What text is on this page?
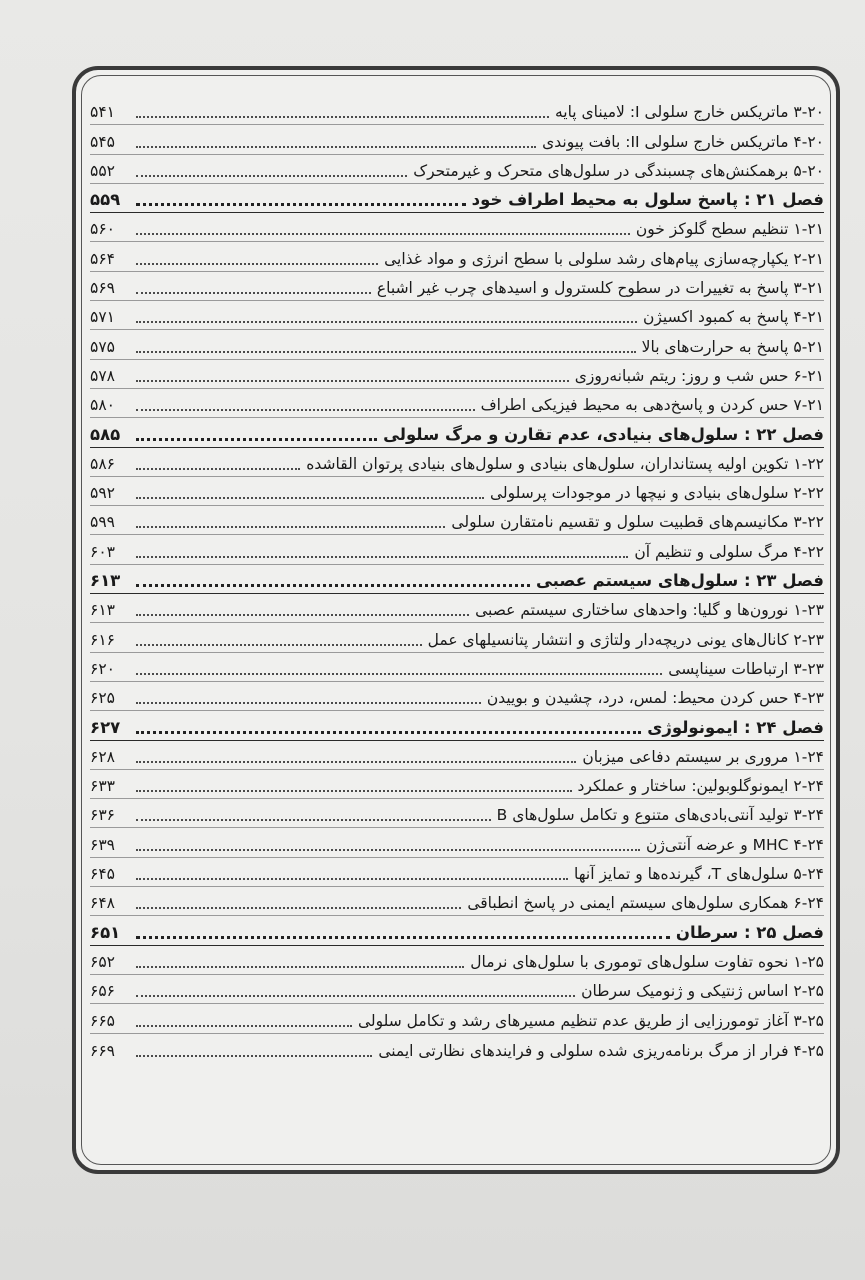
۳-۲۰ ماتریکس خارج سلولی I: لامینای پایه
۵۴۱
۴-۲۰ ماتریکس خارج سلولی II: بافت پیوندی
۵۴۵
۵-۲۰ برهمکنش‌های چسبندگی در سلول‌های متحرک و غیرمتحرک
۵۵۲
فصل ۲۱ : پاسخ سلول به محیط اطراف خود
۵۵۹
۱-۲۱ تنظیم سطح گلوکز خون
۵۶۰
۲-۲۱ یکپارچه‌سازی پیام‌های رشد سلولی با سطح انرژی و مواد غذایی
۵۶۴
۳-۲۱ پاسخ به تغییرات در سطوح کلسترول و اسیدهای چرب غیر اشباع
۵۶۹
۴-۲۱ پاسخ به کمبود اکسیژن
۵۷۱
۵-۲۱ پاسخ به حرارت‌های بالا
۵۷۵
۶-۲۱ حس شب و روز: ریتم شبانه‌روزی
۵۷۸
۷-۲۱ حس کردن و پاسخ‌دهی به محیط فیزیکی اطراف
۵۸۰
فصل ۲۲ : سلول‌های بنیادی، عدم تقارن و مرگ سلولی
۵۸۵
۱-۲۲ تکوین اولیه پستانداران، سلول‌های بنیادی و سلول‌های بنیادی پرتوان القاشده
۵۸۶
۲-۲۲ سلول‌های بنیادی و نیچها در موجودات پرسلولی
۵۹۲
۳-۲۲ مکانیسم‌های قطبیت سلول و تقسیم نامتقارن سلولی
۵۹۹
۴-۲۲ مرگ سلولی و تنظیم آن
۶۰۳
فصل ۲۳ : سلول‌های سیستم عصبی
۶۱۳
۱-۲۳ نورون‌ها و گلیا: واحدهای ساختاری سیستم عصبی
۶۱۳
۲-۲۳ کانال‌های یونی دریچه‌دار ولتاژی و انتشار پتانسیلهای عمل
۶۱۶
۳-۲۳ ارتباطات سیناپسی
۶۲۰
۴-۲۳ حس کردن محیط: لمس، درد، چشیدن و بوییدن
۶۲۵
فصل ۲۴ : ایمونولوژی
۶۲۷
۱-۲۴ مروری بر سیستم دفاعی میزبان
۶۲۸
۲-۲۴ ایمونوگلوبولین: ساختار و عملکرد
۶۳۳
۳-۲۴ تولید آنتی‌بادی‌های متنوع و تکامل سلول‌های B
۶۳۶
۴-۲۴ MHC و عرضه آنتی‌ژن
۶۳۹
۵-۲۴ سلول‌های T، گیرنده‌ها و تمایز آنها
۶۴۵
۶-۲۴ همکاری سلول‌های سیستم ایمنی در پاسخ انطباقی
۶۴۸
فصل ۲۵ : سرطان
۶۵۱
۱-۲۵ نحوه تفاوت سلول‌های توموری با سلول‌های نرمال
۶۵۲
۲-۲۵ اساس ژنتیکی و ژنومیک سرطان
۶۵۶
۳-۲۵ آغاز تومورزایی از طریق عدم تنظیم مسیرهای رشد و تکامل سلولی
۶۶۵
۴-۲۵ فرار از مرگ برنامه‌ریزی شده سلولی و فرایندهای نظارتی ایمنی
۶۶۹
